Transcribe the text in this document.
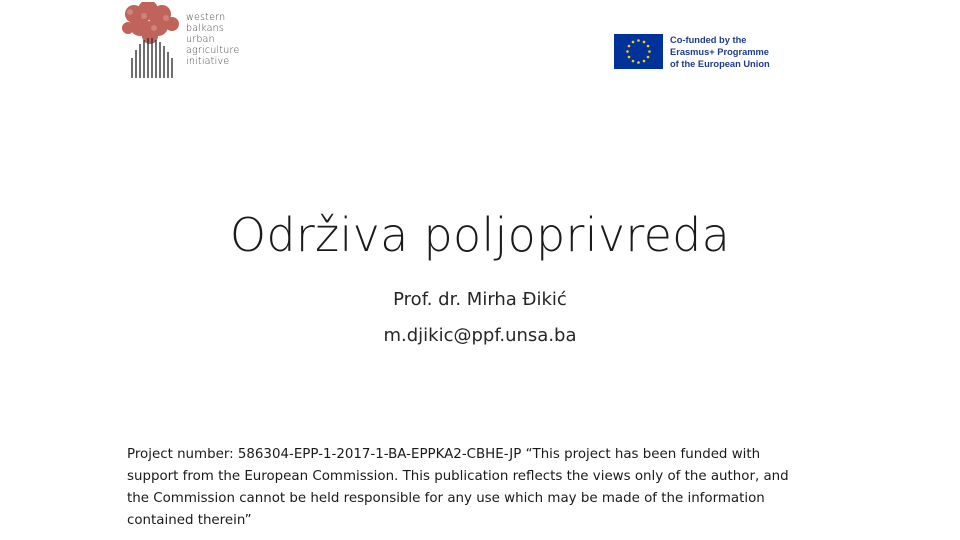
western
balkans
urban
agriculture
initiative
Co-funded by the
Erasmus+ Programme
of the European Union
Održiva poljoprivreda
Prof. dr. Mirha Đikić
m.djikic@ppf.unsa.ba
Project number: 586304-EPP-1-2017-1-BA-EPPKA2-CBHE-JP “This project has been funded with support from the European Commission. This publication reflects the views only of the author, and the Commission cannot be held responsible for any use which may be made of the information contained therein”
